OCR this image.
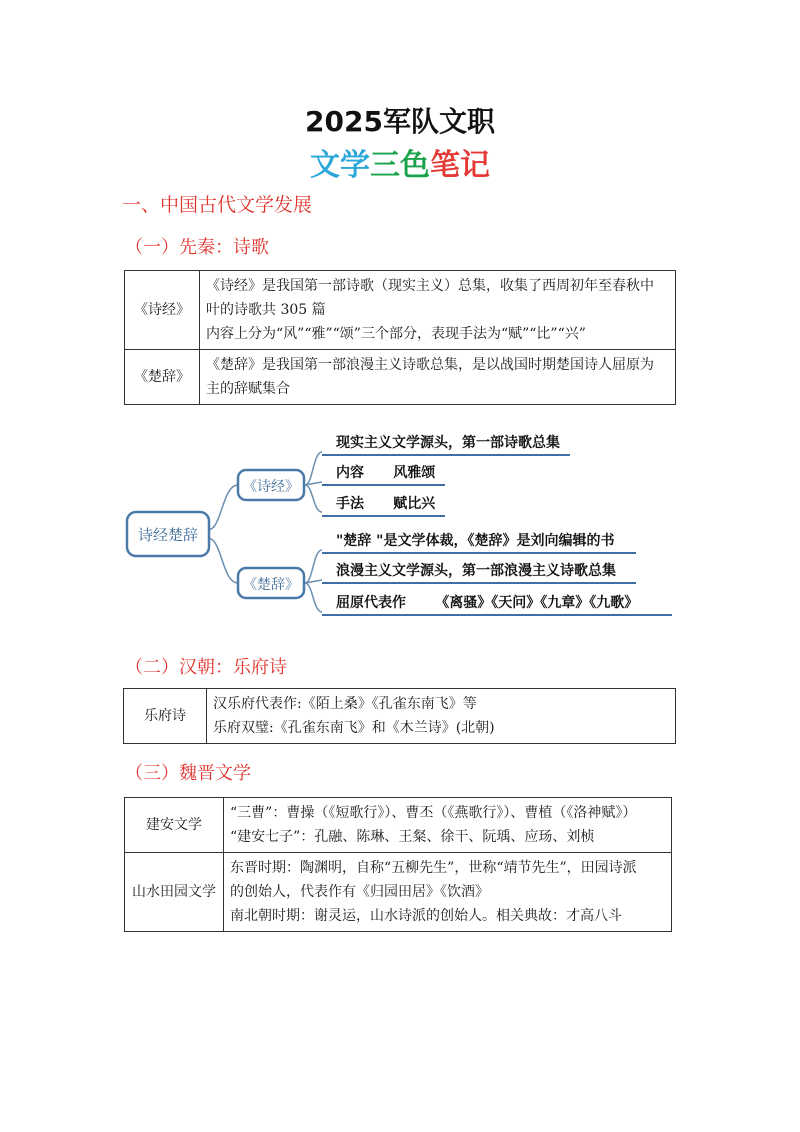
2025军队文职
文学三色笔记
一、中国古代文学发展
（一）先秦：诗歌
《诗经》	《诗经》是我国第一部诗歌（现实主义）总集，收集了西周初年至春秋中
叶的诗歌共 305 篇
内容上分为“风”“雅”“颂”三个部分，表现手法为“赋”“比”“兴”

《楚辞》	《楚辞》是我国第一部浪漫主义诗歌总集，是以战国时期楚国诗人屈原为
主的辞赋集合
诗经楚辞
《诗经》
《楚辞》
现实主义文学源头，第一部诗歌总集
内容      风雅颂
手法      赋比兴
"楚辞 "是文学体裁，《楚辞》是刘向编辑的书
浪漫主义文学源头，第一部浪漫主义诗歌总集
屈原代表作      《离骚》《天问》《九章》《九歌》
（二）汉朝：乐府诗
乐府诗	
汉乐府代表作:《陌上桑》《孔雀东南飞》等
乐府双璧:《孔雀东南飞》和《木兰诗》(北朝)
（三）魏晋文学
建安文学	“三曹”：曹操（《短歌行》）、曹丕（《燕歌行》）、曹植（《洛神赋》）
“建安七子”：孔融、陈琳、王粲、徐干、阮瑀、应玚、刘桢

山水田园文学	东晋时期：陶渊明，自称“五柳先生”，世称“靖节先生”，田园诗派
的创始人，代表作有《归园田居》《饮酒》
南北朝时期：谢灵运，山水诗派的创始人。相关典故：才高八斗
